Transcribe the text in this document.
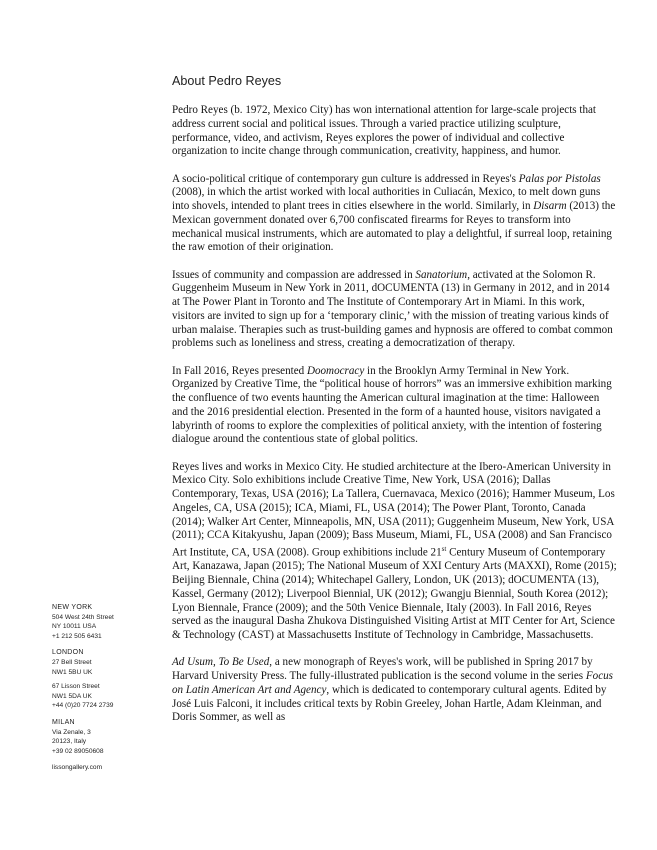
About Pedro Reyes

Pedro Reyes (b. 1972, Mexico City) has won international attention for large-scale projects that address current social and political issues. Through a varied practice utilizing sculpture, performance, video, and activism, Reyes explores the power of individual and collective organization to incite change through communication, creativity, happiness, and humor.

A socio-political critique of contemporary gun culture is addressed in Reyes's Palas por Pistolas (2008), in which the artist worked with local authorities in Culiacán, Mexico, to melt down guns into shovels, intended to plant trees in cities elsewhere in the world. Similarly, in Disarm (2013) the Mexican government donated over 6,700 confiscated firearms for Reyes to transform into mechanical musical instruments, which are automated to play a delightful, if surreal loop, retaining the raw emotion of their origination.

Issues of community and compassion are addressed in Sanatorium, activated at the Solomon R. Guggenheim Museum in New York in 2011, dOCUMENTA (13) in Germany in 2012, and in 2014 at The Power Plant in Toronto and The Institute of Contemporary Art in Miami. In this work, visitors are invited to sign up for a ‘temporary clinic,’ with the mission of treating various kinds of urban malaise. Therapies such as trust-building games and hypnosis are offered to combat common problems such as loneliness and stress, creating a democratization of therapy.

In Fall 2016, Reyes presented Doomocracy in the Brooklyn Army Terminal in New York. Organized by Creative Time, the “political house of horrors” was an immersive exhibition marking the confluence of two events haunting the American cultural imagination at the time: Halloween and the 2016 presidential election. Presented in the form of a haunted house, visitors navigated a labyrinth of rooms to explore the complexities of political anxiety, with the intention of fostering dialogue around the contentious state of global politics.

Reyes lives and works in Mexico City. He studied architecture at the Ibero-American University in Mexico City. Solo exhibitions include Creative Time, New York, USA (2016); Dallas Contemporary, Texas, USA (2016); La Tallera, Cuernavaca, Mexico (2016); Hammer Museum, Los Angeles, CA, USA (2015); ICA, Miami, FL, USA (2014); The Power Plant, Toronto, Canada (2014); Walker Art Center, Minneapolis, MN, USA (2011); Guggenheim Museum, New York, USA (2011); CCA Kitakyushu, Japan (2009); Bass Museum, Miami, FL, USA (2008) and San Francisco Art Institute, CA, USA (2008). Group exhibitions include 21st Century Museum of Contemporary Art, Kanazawa, Japan (2015); The National Museum of XXI Century Arts (MAXXI), Rome (2015); Beijing Biennale, China (2014); Whitechapel Gallery, London, UK (2013); dOCUMENTA (13), Kassel, Germany (2012); Liverpool Biennial, UK (2012); Gwangju Biennial, South Korea (2012); Lyon Biennale, France (2009); and the 50th Venice Biennale, Italy (2003). In Fall 2016, Reyes served as the inaugural Dasha Zhukova Distinguished Visiting Artist at MIT Center for Art, Science & Technology (CAST) at Massachusetts Institute of Technology in Cambridge, Massachusetts.

Ad Usum, To Be Used, a new monograph of Reyes's work, will be published in Spring 2017 by Harvard University Press. The fully-illustrated publication is the second volume in the series Focus on Latin American Art and Agency, which is dedicated to contemporary cultural agents. Edited by José Luis Falconi, it includes critical texts by Robin Greeley, Johan Hartle, Adam Kleinman, and Doris Sommer, as well as

NEW YORK
504 West 24th Street
NY 10011 USA
+1 212 505 6431
LONDON
27 Bell Street
NW1 5BU UK
67 Lisson Street
NW1 5DA UK
+44 (0)20 7724 2739
MILAN
Via Zenale, 3
20123, Italy
+39 02 89050608
lissongallery.com
